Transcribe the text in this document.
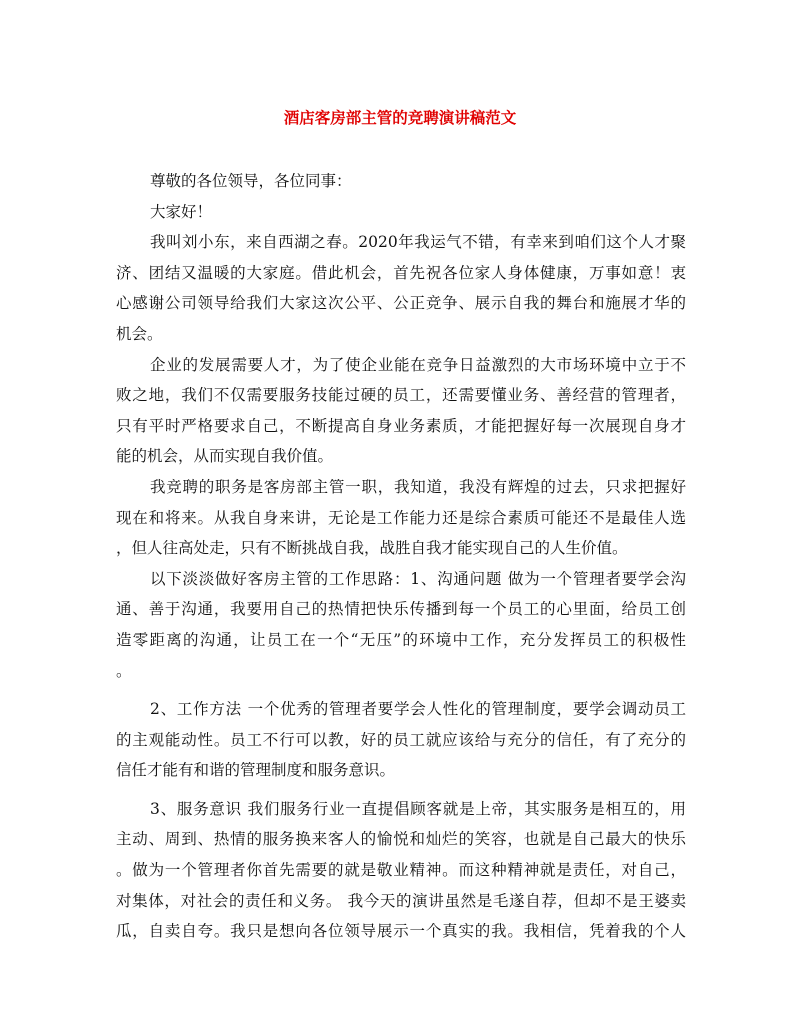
酒店客房部主管的竞聘演讲稿范文
尊敬的各位领导，各位同事：
大家好！
我叫刘小东，来自西湖之春。2020年我运气不错，有幸来到咱们这个人才聚
济、团结又温暖的大家庭。借此机会，首先祝各位家人身体健康，万事如意！衷
心感谢公司领导给我们大家这次公平、公正竞争、展示自我的舞台和施展才华的
机会。
企业的发展需要人才，为了使企业能在竞争日益激烈的大市场环境中立于不
败之地，我们不仅需要服务技能过硬的员工，还需要懂业务、善经营的管理者，
只有平时严格要求自己，不断提高自身业务素质，才能把握好每一次展现自身才
能的机会，从而实现自我价值。
我竞聘的职务是客房部主管一职，我知道，我没有辉煌的过去，只求把握好
现在和将来。从我自身来讲，无论是工作能力还是综合素质可能还不是最佳人选
，但人往高处走，只有不断挑战自我，战胜自我才能实现自己的人生价值。
以下淡淡做好客房主管的工作思路：1、沟通问题 做为一个管理者要学会沟
通、善于沟通，我要用自己的热情把快乐传播到每一个员工的心里面，给员工创
造零距离的沟通，让员工在一个“无压”的环境中工作，充分发挥员工的积极性
。
2、工作方法 一个优秀的管理者要学会人性化的管理制度，要学会调动员工
的主观能动性。员工不行可以教，好的员工就应该给与充分的信任，有了充分的
信任才能有和谐的管理制度和服务意识。
3、服务意识 我们服务行业一直提倡顾客就是上帝，其实服务是相互的，用
主动、周到、热情的服务换来客人的愉悦和灿烂的笑容，也就是自己最大的快乐
。做为一个管理者你首先需要的就是敬业精神。而这种精神就是责任，对自己，
对集体，对社会的责任和义务。 我今天的演讲虽然是毛遂自荐，但却不是王婆卖
瓜，自卖自夸。我只是想向各位领导展示一个真实的我。我相信，凭着我的个人
